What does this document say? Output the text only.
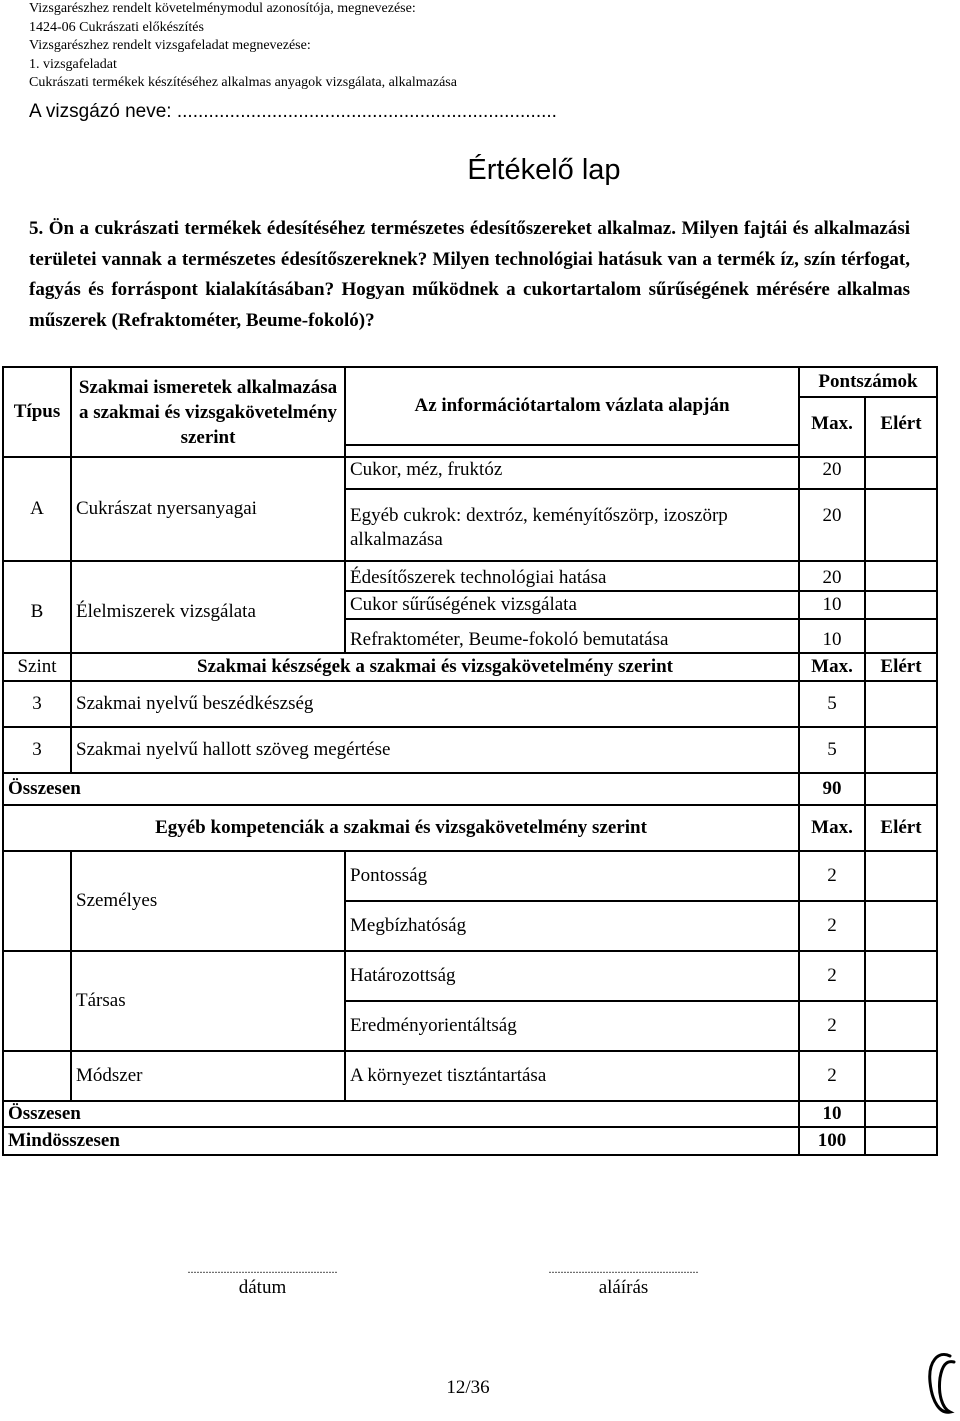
Vizsgarészhez rendelt követelménymodul azonosítója, megnevezése:
1424-06 Cukrászati előkészítés
Vizsgarészhez rendelt vizsgafeladat megnevezése:
1. vizsgafeladat
Cukrászati termékek készítéséhez alkalmas anyagok vizsgálata, alkalmazása
A vizsgázó neve: ........................................................................
Értékelő lap
5. Ön a cukrászati termékek édesítéséhez természetes édesítőszereket alkalmaz. Milyen fajtái és alkalmazási területei vannak a természetes édesítőszereknek? Milyen technológiai hatásuk van a termék íz, szín térfogat, fagyás és forráspont kialakításában? Hogyan működnek a cukortartalom sűrűségének mérésére alkalmas műszerek (Refraktométer, Beume-fokoló)?
Típus	Szakmai ismeretek alkalmazása a szakmai és vizsgakövetelmény szerint	Az információtartalom vázlata alapján	Pontszámok	
			Max.	Elért

A	Cukrászat nyersanyagai	Cukor, méz, fruktóz	20	
		Egyéb cukrok: dextróz, keményítőszörp, izoszörp alkalmazása	20	
B	Élelmiszerek vizsgálata	Édesítőszerek technológiai hatása	20	
		Cukor sűrűségének vizsgálata	10	
		Refraktométer, Beume-fokoló bemutatása	10	
Szint	Szakmai készségek a szakmai és vizsgakövetelmény szerint		Max.	Elért
3	Szakmai nyelvű beszédkészség		5	
3	Szakmai nyelvű hallott szöveg megértése		5	
Összesen			90	
Egyéb kompetenciák a szakmai és vizsgakövetelmény szerint			Max.	Elért
	Személyes	Pontosság	2	
		Megbízhatóság	2	
	Társas	Határozottság	2	
		Eredményorientáltság	2	
	Módszer	A környezet tisztántartása	2	
Összesen			10	
Mindösszesen			100	
..................................................
dátum
..................................................
aláírás
12/36
